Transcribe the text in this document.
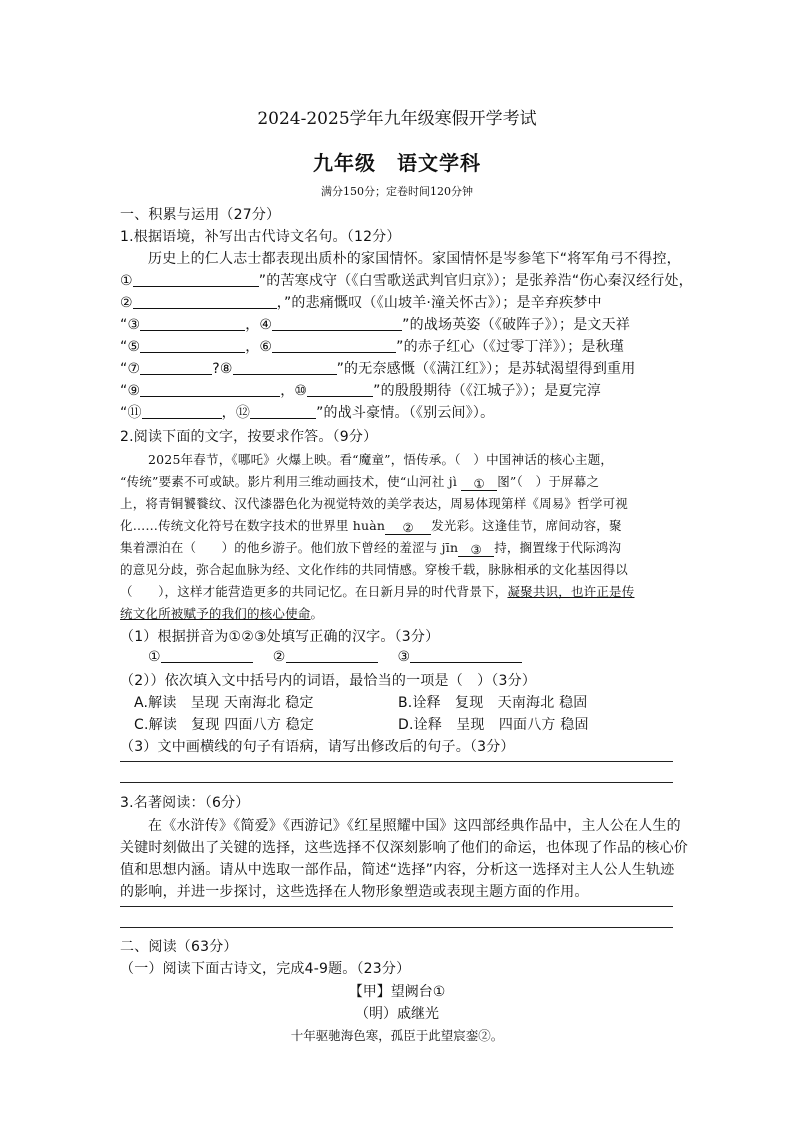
2024-2025学年九年级寒假开学考试
九年级　语文学科
满分150分；定卷时间120分钟
一、积累与运用（27分）
1.根据语境，补写出古代诗文名句。（12分）
历史上的仁人志士都表现出质朴的家国情怀。家国情怀是岑参笔下“将军角弓不得控，
①	”的苦寒戍守（《白雪歌送武判官归京》）；是张养浩“伤心秦汉经行处，
②	，”的悲痛慨叹（《山坡羊·潼关怀古》）；是辛弃疾梦中
“③	，④	”的战场英姿（《破阵子》）；是文天祥
“⑤	，⑥	”的赤子红心（《过零丁洋》）；是秋瑾
“⑦	?⑧	”的无奈感慨（《满江红》）；是苏轼渴望得到重用
“⑨	，⑩	”的殷殷期待（《江城子》）；是夏完淳
“⑪	，⑫	”的战斗豪情。（《别云间》）。
2.阅读下面的文字，按要求作答。（9分）
2025年春节，《哪吒》火爆上映。看“魔童”，悟传承。（　）中国神话的核心主题，
“传统”要素不可或缺。影片利用三维动画技术，使“山河社 jì ① 图”（　）于屏幕之
上，将青铜饕餮纹、汉代漆器色化为视觉特效的美学表达，周易体现第样《周易》哲学可视
化……传统文化符号在数字技术的世界里 huàn ② 发光彩。这逢佳节，席间动容，聚
集着漂泊在（　　）的他乡游子。他们放下曾经的羞涩与 jīn ③ 持，搁置缘于代际鸿沟
的意见分歧，弥合起血脉为经、文化作纬的共同情感。穿梭千载，脉脉相承的文化基因得以
（　　），这样才能营造更多的共同记忆。在日新月异的时代背景下，凝聚共识，也许正是传
统文化所被赋予的我们的核心使命。
（1）根据拼音为①②③处填写正确的汉字。（3分）
①	②	③
（2））依次填入文中括号内的词语，最恰当的一项是（　）（3分）
A.解读　呈现 天南海北 稳定	B.诠释　复现　天南海北 稳固
C.解读　复现 四面八方 稳定	D.诠释　呈现　四面八方 稳固
（3）文中画横线的句子有语病，请写出修改后的句子。（3分）
3.名著阅读：（6分）
在《水浒传》《简爱》《西游记》《红星照耀中国》这四部经典作品中，主人公在人生的
关键时刻做出了关键的选择，这些选择不仅深刻影响了他们的命运，也体现了作品的核心价
值和思想内涵。请从中选取一部作品，简述“选择”内容，分析这一选择对主人公人生轨迹
的影响，并进一步探讨，这些选择在人物形象塑造或表现主题方面的作用。
二、阅读（63分）
（一）阅读下面古诗文，完成4-9题。（23分）
【甲】望阙台①
（明）戚继光
十年驱驰海色寒，孤臣于此望宸銮②。
